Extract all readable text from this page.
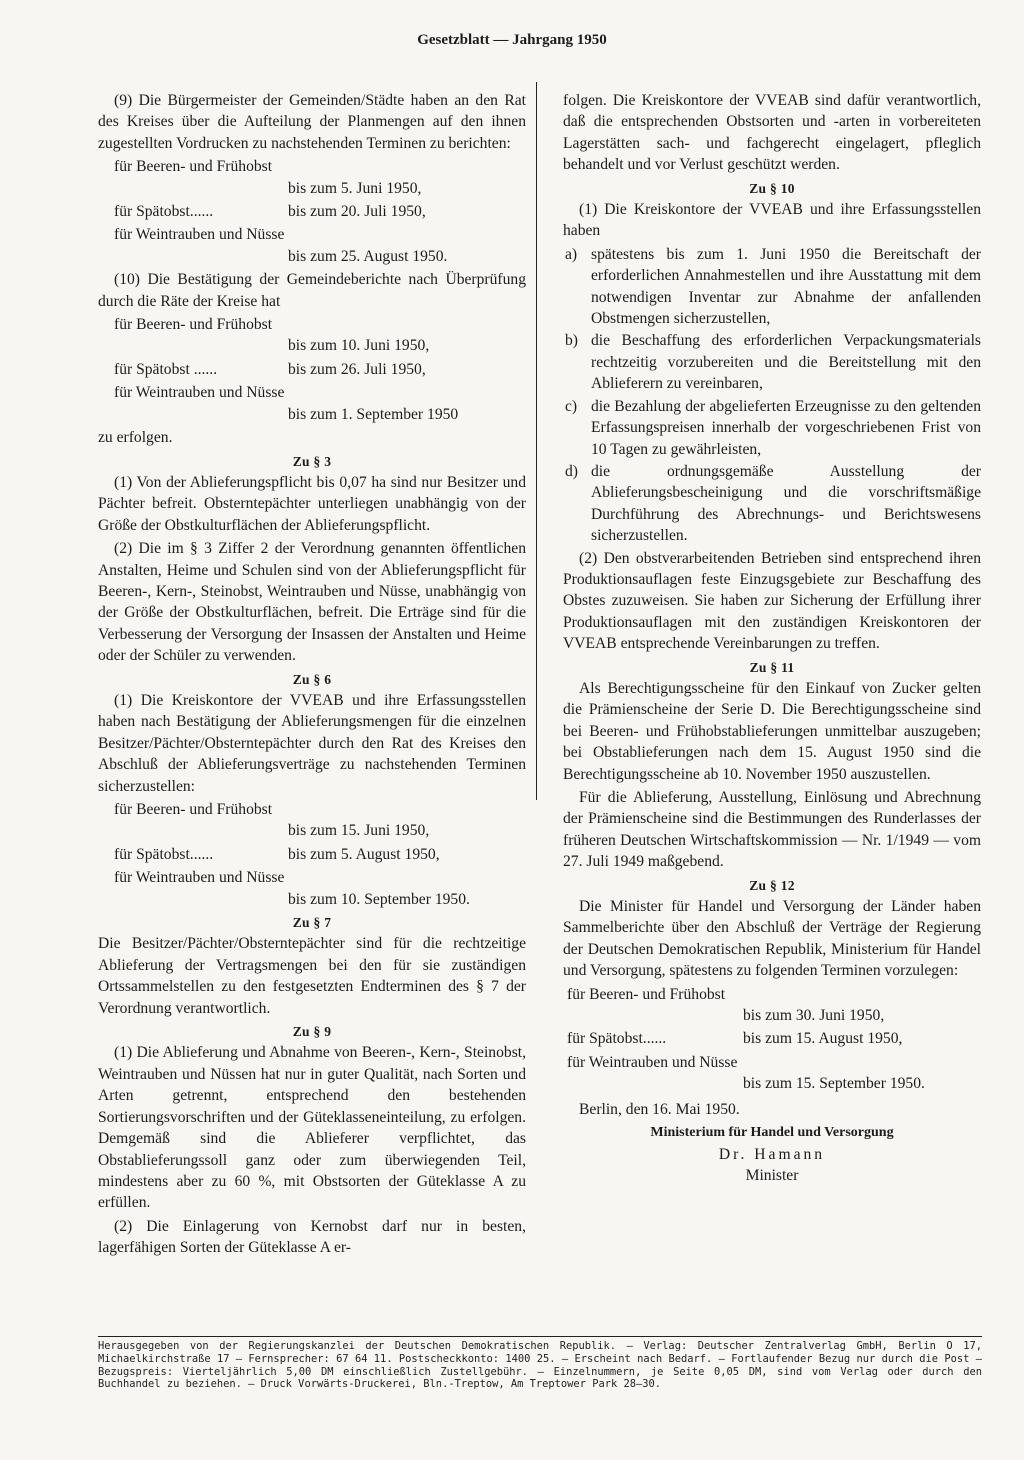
Gesetzblatt — Jahrgang 1950

(9) Die Bürgermeister der Gemeinden/Städte haben an den Rat des Kreises über die Aufteilung der Planmengen auf den ihnen zugestellten Vordrucken zu nachstehenden Terminen zu berichten:

für Beeren- und Frühobst

bis zum 5. Juni 1950,

für Spätobst......	bis zum 20. Juli 1950,

für Weintrauben und Nüsse

bis zum 25. August 1950.

(10) Die Bestätigung der Gemeindeberichte nach Überprüfung durch die Räte der Kreise hat

für Beeren- und Frühobst

bis zum 10. Juni 1950,

für Spätobst ......	bis zum 26. Juli 1950,

für Weintrauben und Nüsse

bis zum 1. September 1950

zu erfolgen.

Zu § 3

(1) Von der Ablieferungspflicht bis 0,07 ha sind nur Besitzer und Pächter befreit. Obsterntepächter unterliegen unabhängig von der Größe der Obstkulturflächen der Ablieferungspflicht.

(2) Die im § 3 Ziffer 2 der Verordnung genannten öffentlichen Anstalten, Heime und Schulen sind von der Ablieferungspflicht für Beeren-, Kern-, Steinobst, Weintrauben und Nüsse, unabhängig von der Größe der Obstkulturflächen, befreit. Die Erträge sind für die Verbesserung der Versorgung der Insassen der Anstalten und Heime oder der Schüler zu verwenden.

Zu § 6

(1) Die Kreiskontore der VVEAB und ihre Erfassungsstellen haben nach Bestätigung der Ablieferungsmengen für die einzelnen Besitzer/Pächter/Obsterntepächter durch den Rat des Kreises den Abschluß der Ablieferungsverträge zu nachstehenden Terminen sicherzustellen:

für Beeren- und Frühobst

bis zum 15. Juni 1950,

für Spätobst......	bis zum 5. August 1950,

für Weintrauben und Nüsse

bis zum 10. September 1950.

Zu § 7

Die Besitzer/Pächter/Obsterntepächter sind für die rechtzeitige Ablieferung der Vertragsmengen bei den für sie zuständigen Ortssammelstellen zu den festgesetzten Endterminen des § 7 der Verordnung verantwortlich.

Zu § 9

(1) Die Ablieferung und Abnahme von Beeren-, Kern-, Steinobst, Weintrauben und Nüssen hat nur in guter Qualität, nach Sorten und Arten getrennt, entsprechend den bestehenden Sortierungsvorschriften und der Güteklasseneinteilung, zu erfolgen. Demgemäß sind die Ablieferer verpflichtet, das Obstablieferungssoll ganz oder zum überwiegenden Teil, mindestens aber zu 60 %, mit Obstsorten der Güteklasse A zu erfüllen.

(2) Die Einlagerung von Kernobst darf nur in besten, lagerfähigen Sorten der Güteklasse A er-

folgen. Die Kreiskontore der VVEAB sind dafür verantwortlich, daß die entsprechenden Obstsorten und -arten in vorbereiteten Lagerstätten sach- und fachgerecht eingelagert, pfleglich behandelt und vor Verlust geschützt werden.

Zu § 10

(1) Die Kreiskontore der VVEAB und ihre Erfassungsstellen haben

a) spätestens bis zum 1. Juni 1950 die Bereitschaft der erforderlichen Annahmestellen und ihre Ausstattung mit dem notwendigen Inventar zur Abnahme der anfallenden Obstmengen sicherzustellen,
b) die Beschaffung des erforderlichen Verpackungsmaterials rechtzeitig vorzubereiten und die Bereitstellung mit den Ablieferern zu vereinbaren,
c) die Bezahlung der abgelieferten Erzeugnisse zu den geltenden Erfassungspreisen innerhalb der vorgeschriebenen Frist von 10 Tagen zu gewährleisten,
d) die ordnungsgemäße Ausstellung der Ablieferungsbescheinigung und die vorschriftsmäßige Durchführung des Abrechnungs- und Berichtswesens sicherzustellen.

(2) Den obstverarbeitenden Betrieben sind entsprechend ihren Produktionsauflagen feste Einzugsgebiete zur Beschaffung des Obstes zuzuweisen. Sie haben zur Sicherung der Erfüllung ihrer Produktionsauflagen mit den zuständigen Kreiskontoren der VVEAB entsprechende Vereinbarungen zu treffen.

Zu § 11

Als Berechtigungsscheine für den Einkauf von Zucker gelten die Prämienscheine der Serie D. Die Berechtigungsscheine sind bei Beeren- und Frühobstablieferungen unmittelbar auszugeben; bei Obstablieferungen nach dem 15. August 1950 sind die Berechtigungsscheine ab 10. November 1950 auszustellen.

Für die Ablieferung, Ausstellung, Einlösung und Abrechnung der Prämienscheine sind die Bestimmungen des Runderlasses der früheren Deutschen Wirtschaftskommission — Nr. 1/1949 — vom 27. Juli 1949 maßgebend.

Zu § 12

Die Minister für Handel und Versorgung der Länder haben Sammelberichte über den Abschluß der Verträge der Regierung der Deutschen Demokratischen Republik, Ministerium für Handel und Versorgung, spätestens zu folgenden Terminen vorzulegen:

für Beeren- und Frühobst

bis zum 30. Juni 1950,

für Spätobst......	bis zum 15. August 1950,

für Weintrauben und Nüsse

bis zum 15. September 1950.

Berlin, den 16. Mai 1950.

Ministerium für Handel und Versorgung

Dr. Hamann

Minister

Herausgegeben von der Regierungskanzlei der Deutschen Demokratischen Republik. — Verlag: Deutscher Zentralverlag GmbH, Berlin O 17, Michaelkirchstraße 17 — Fernsprecher: 67 64 11. Postscheckkonto: 1400 25. — Erscheint nach Bedarf. — Fortlaufender Bezug nur durch die Post — Bezugspreis: Vierteljährlich 5,00 DM einschließlich Zustellgebühr. — Einzelnummern, je Seite 0,05 DM, sind vom Verlag oder durch den Buchhandel zu beziehen. — Druck Vorwärts-Druckerei, Bln.-Treptow, Am Treptower Park 28—30.
